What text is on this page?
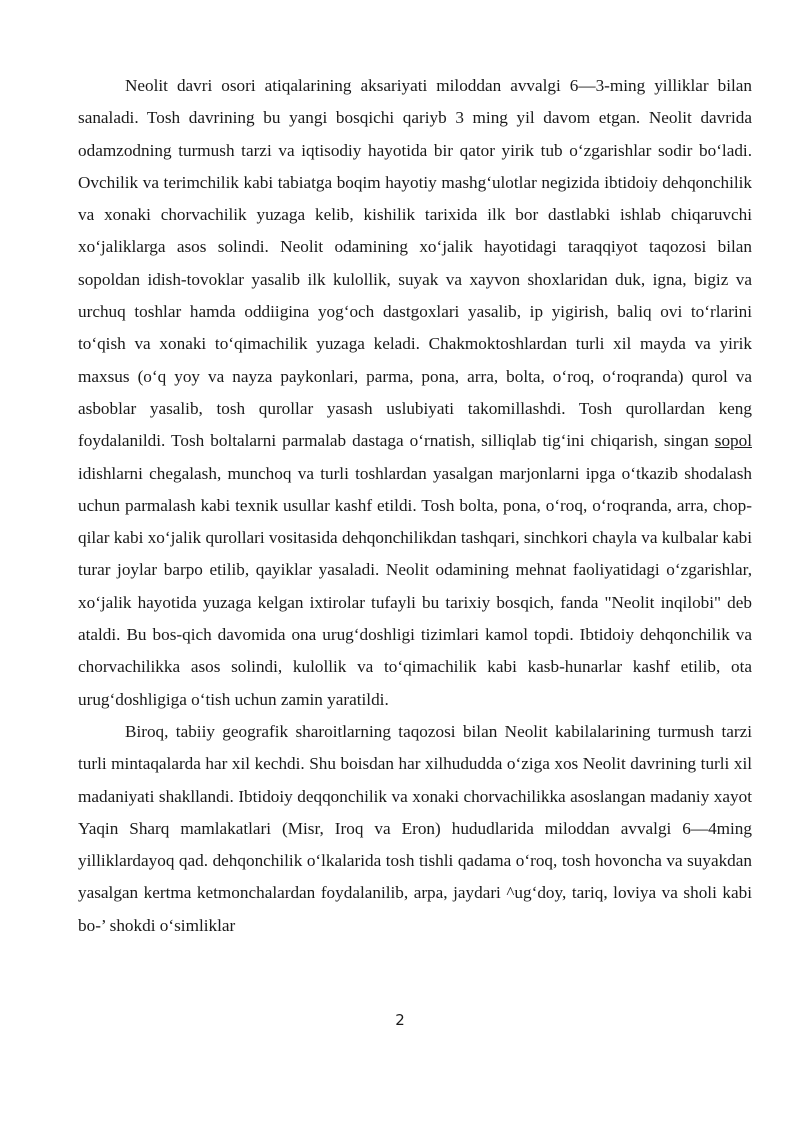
Neolit davri osori atiqalarining aksariyati miloddan avvalgi 6—3-ming yilliklar bilan sanaladi. Tosh davrining bu yangi bosqichi qariyb 3 ming yil davom etgan. Neolit davrida odamzodning turmush tarzi va iqtisodiy hayotida bir qator yirik tub o‘zgarishlar sodir bo‘ladi. Ovchilik va terimchilik kabi tabiatga boqim hayotiy mashg‘ulotlar negizida ibtidoiy dehqonchilik va xonaki chorvachilik yuzaga kelib, kishilik tarixida ilk bor dastlabki ishlab chiqaruvchi xo‘jaliklarga asos solindi. Neolit odamining xo‘jalik hayotidagi taraqqiyot taqozosi bilan sopoldan idish-tovoklar yasalib ilk kulollik, suyak va xayvon shoxlaridan duk, igna, bigiz va urchuq toshlar hamda oddiigina yog‘och dastgoxlari yasalib, ip yigirish, baliq ovi to‘rlarini to‘qish va xonaki to‘qimachilik yuzaga keladi. Chakmoktoshlardan turli xil mayda va yirik maxsus (o‘q yoy va nayza paykonlari, parma, pona, arra, bolta, o‘roq, o‘roqranda) qurol va asboblar yasalib, tosh qurollar yasash uslubiyati takomillashdi. Tosh qurollardan keng foydalanildi. Tosh boltalarni parmalab dastaga o‘rnatish, silliqlab tig‘ini chiqarish, singan sopol idishlarni chegalash, munchoq va turli toshlardan yasalgan marjonlarni ipga o‘tkazib shodalash uchun parmalash kabi texnik usullar kashf etildi. Tosh bolta, pona, o‘roq, o‘roqranda, arra, chop-qilar kabi xo‘jalik qurollari vositasida dehqonchilikdan tashqari, sinchkori chayla va kulbalar kabi turar joylar barpo etilib, qayiklar yasaladi. Neolit odamining mehnat faoliyatidagi o‘zgarishlar, xo‘jalik hayotida yuzaga kelgan ixtirolar tufayli bu tarixiy bosqich, fanda "Neolit inqilobi" deb ataldi. Bu bos-qich davomida ona urug‘doshligi tizimlari kamol topdi. Ibtidoiy dehqonchilik va chorvachilikka asos solindi, kulollik va to‘qimachilik kabi kasb-hunarlar kashf etilib, ota urug‘doshligiga o‘tish uchun zamin yaratildi.

Biroq, tabiiy geografik sharoitlarning taqozosi bilan Neolit kabilalarining turmush tarzi turli mintaqalarda har xil kechdi. Shu boisdan har xilhududda o‘ziga xos Neolit davrining turli xil madaniyati shakllandi. Ibtidoiy deqqonchilik va xonaki chorvachilikka asoslangan madaniy xayot Yaqin Sharq mamlakatlari (Misr, Iroq va Eron) hududlarida miloddan avvalgi 6—4ming yilliklardayoq qad. dehqonchilik o‘lkalarida tosh tishli qadama o‘roq, tosh hovoncha va suyakdan yasalgan kertma ketmonchalardan foydalanilib, arpa, jaydari ^ug‘doy, tariq, loviya va sholi kabi bo-’ shokdi o‘simliklar

2
